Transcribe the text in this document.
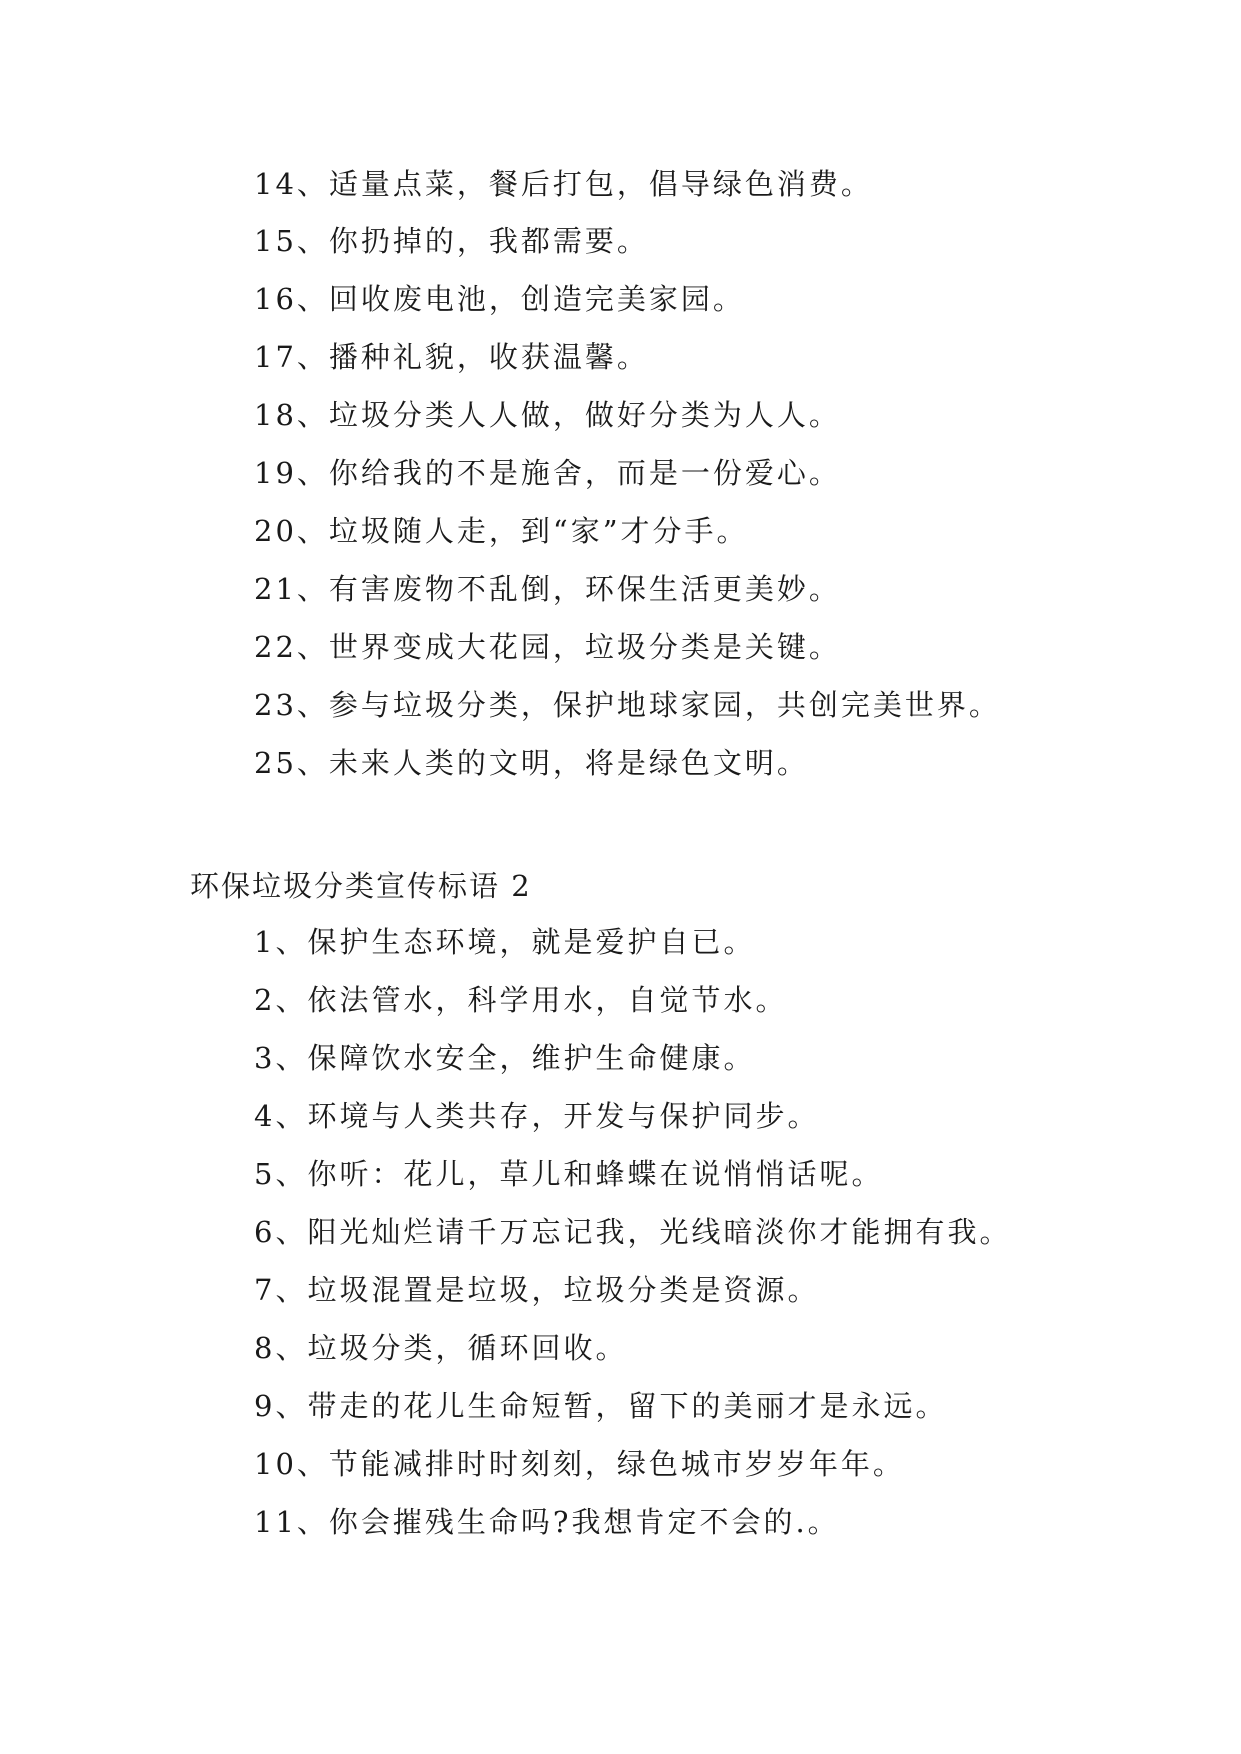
14、适量点菜，餐后打包，倡导绿色消费。
15、你扔掉的，我都需要。
16、回收废电池，创造完美家园。
17、播种礼貌，收获温馨。
18、垃圾分类人人做，做好分类为人人。
19、你给我的不是施舍，而是一份爱心。
20、垃圾随人走，到“家”才分手。
21、有害废物不乱倒，环保生活更美妙。
22、世界变成大花园，垃圾分类是关键。
23、参与垃圾分类，保护地球家园，共创完美世界。
25、未来人类的文明，将是绿色文明。
环保垃圾分类宣传标语 2
1、保护生态环境，就是爱护自已。
2、依法管水，科学用水，自觉节水。
3、保障饮水安全，维护生命健康。
4、环境与人类共存，开发与保护同步。
5、你听：花儿，草儿和蜂蝶在说悄悄话呢。
6、阳光灿烂请千万忘记我，光线暗淡你才能拥有我。
7、垃圾混置是垃圾，垃圾分类是资源。
8、垃圾分类，循环回收。
9、带走的花儿生命短暂，留下的美丽才是永远。
10、节能减排时时刻刻，绿色城市岁岁年年。
11、你会摧残生命吗?我想肯定不会的.。
